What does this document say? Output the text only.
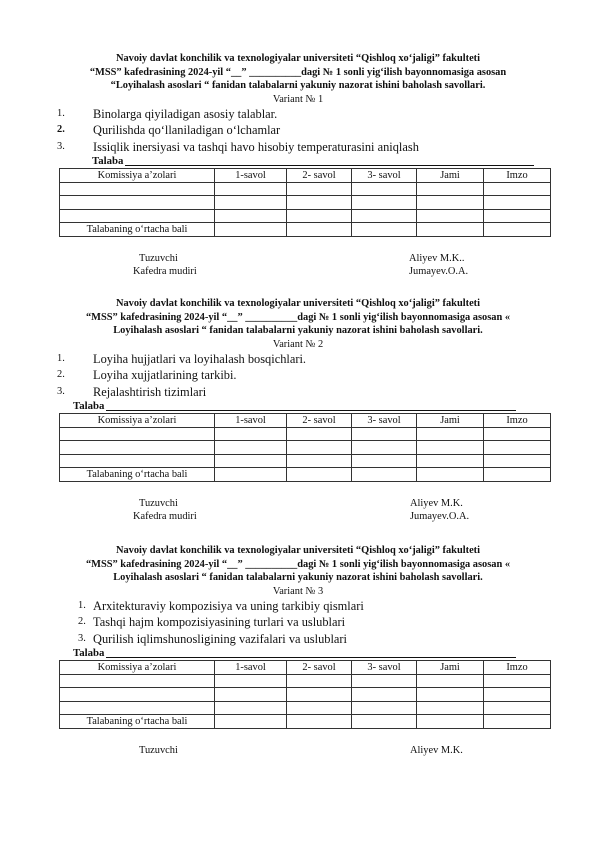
Navoiy davlat konchilik va texnologiyalar universiteti “Qishloq xo‘jaligi” fakulteti
“MSS” kafedrasining 2024-yil “__” __________dagi № 1 sonli yig‘ilish bayonnomasiga asosan
“Loyihalash asoslari “ fanidan talabalarni yakuniy nazorat ishini baholash savollari.
Variant № 1
1. Binolarga qiyiladigan asosiy talablar.
2. Qurilishda qo‘llaniladigan o‘lchamlar
3. Issiqlik inersiyasi va tashqi havo hisobiy temperaturasini aniqlash
Talaba
Komissiya a’zolari	1-savol	2- savol	3- savol	Jami	Imzo

Talabaning o‘rtacha bali					
Tuzuvchi
Kafedra mudiri
Aliyev M.K..
Jumayev.O.A.
Navoiy davlat konchilik va texnologiyalar universiteti “Qishloq xo‘jaligi” fakulteti
“MSS” kafedrasining 2024-yil “__” __________dagi № 1 sonli yig‘ilish bayonnomasiga asosan «
Loyihalash asoslari “ fanidan talabalarni yakuniy nazorat ishini baholash savollari.
Variant № 2
1. Loyiha hujjatlari va loyihalash bosqichlari.
2. Loyiha xujjatlarining tarkibi.
3. Rejalashtirish tizimlari
Talaba
Komissiya a’zolari	1-savol	2- savol	3- savol	Jami	Imzo

Talabaning o‘rtacha bali					
Tuzuvchi
Kafedra mudiri
Aliyev M.K.
Jumayev.O.A.
Navoiy davlat konchilik va texnologiyalar universiteti “Qishloq xo‘jaligi” fakulteti
“MSS” kafedrasining 2024-yil “__” __________dagi № 1 sonli yig‘ilish bayonnomasiga asosan «
Loyihalash asoslari “ fanidan talabalarni yakuniy nazorat ishini baholash savollari.
Variant № 3
1. Arxitekturaviy kompozisiya va uning tarkibiy qismlari
2. Tashqi hajm kompozisiyasining turlari va uslublari
3. Qurilish iqlimshunosligining vazifalari va uslublari
Talaba
Komissiya a’zolari	1-savol	2- savol	3- savol	Jami	Imzo

Talabaning o‘rtacha bali					
Tuzuvchi	Aliyev M.K.
